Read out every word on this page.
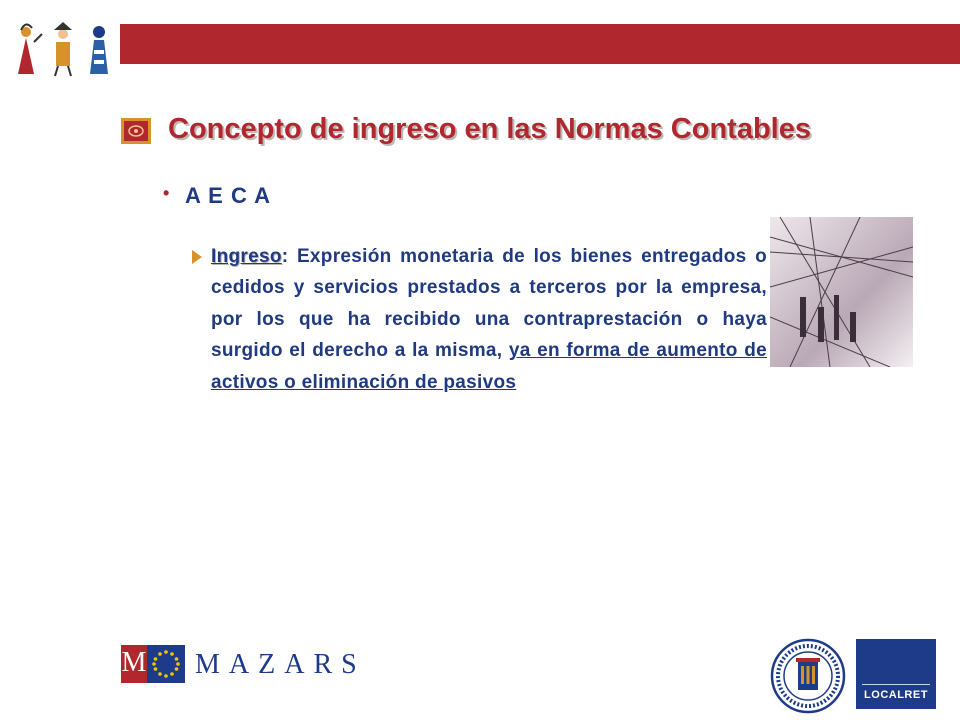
Concepto de ingreso en las Normas Contables
• A E C A

Ingreso: Expresión monetaria de los bienes entregados o cedidos y servicios prestados a terceros por la empresa, por los que ha recibido una contraprestación o haya surgido el derecho a la misma, ya en forma de aumento de activos o eliminación de pasivos

M MAZARS
LOCALRET
